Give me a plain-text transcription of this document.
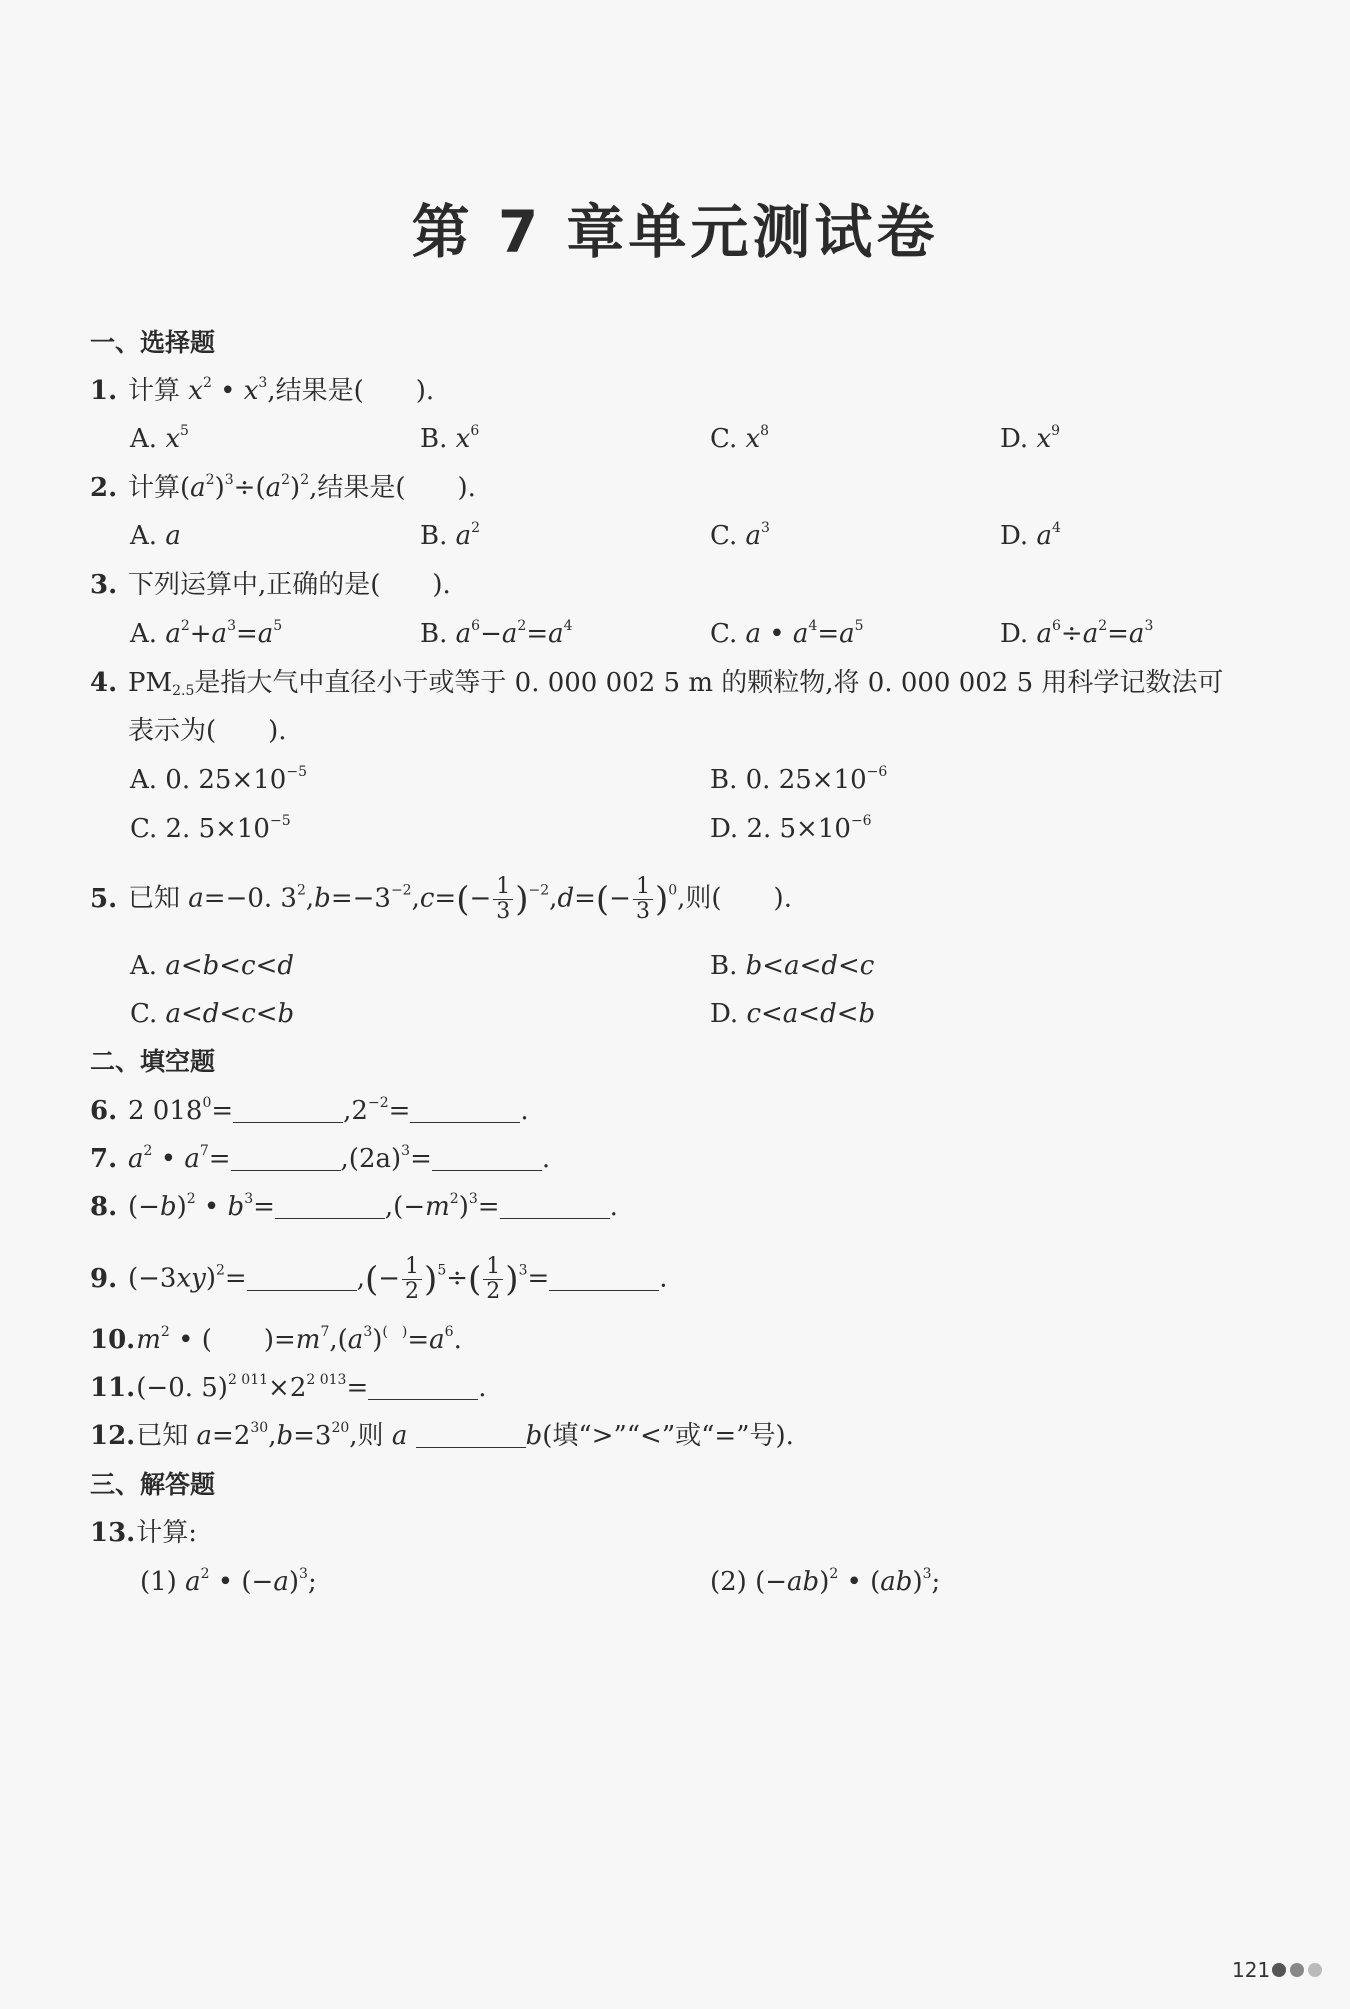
第 7 章单元测试卷
一、选择题
1. 计算 $x^2$ • $x^3$,结果是(　　).
A. $x^5$	B. $x^6$	C. $x^8$	D. $x^9$
2. 计算$(a^2)^3\div(a^2)^2$,结果是(　　).
A. a	B. $a^2$	C. $a^3$	D. $a^4$
3. 下列运算中,正确的是(　　).
A. $a^2+a^3=a^5$	B. $a^6-a^2=a^4$	C. a • $a^4=a^5$	D. $a^6\div a^2=a^3$
4. $PM_{2.5}$是指大气中直径小于或等于 0. 000 002 5 m 的颗粒物,将 0. 000 002 5 用科学记数法可
表示为(　　).
A. 0. $25\times 10^{-5}$	B. 0. $25\times 10^{-6}$
C. 2. $5\times 10^{-5}$	D. 2. $5\times 10^{-6}$
5. 已知 a=−0. $3^2,b=-3^{-2},c=(- \frac{1}{3} )^{-2},d=(- \frac{1}{3} )^0$,则(　　).
A. a<b<c<d	B. b<a<d<c
C. a<d<c<b	D. c<a<d<b
二、填空题
6. 2 $018^0=$	$,2^{-2}=$	.
7. $a^2$ • $a^7=$	$,(2a)^3=$	.
8. $(-b)^2$ • $b^3=$	$,(-m^2)^3=$	.
9. $(-3xy)^2=$	,(− $\frac{1}{2} )^5\div( \frac{1}{2} )^3=$	.
10. $m^2$ • (　　)$=m^7,(a^3)^{( )}=a^6$.
11. (−0. $5)^{2 011}\times 2^{2 013}=$	.
12. 已知 $a=2^{30},b=3^{20}$,则 a	b(填“>”“<”或“=”号).
三、解答题
13. 计算:
(1) $a^2$ • $(-a)^3$;	(2) $(-ab)^2$ • (ab)$^3$;
121
